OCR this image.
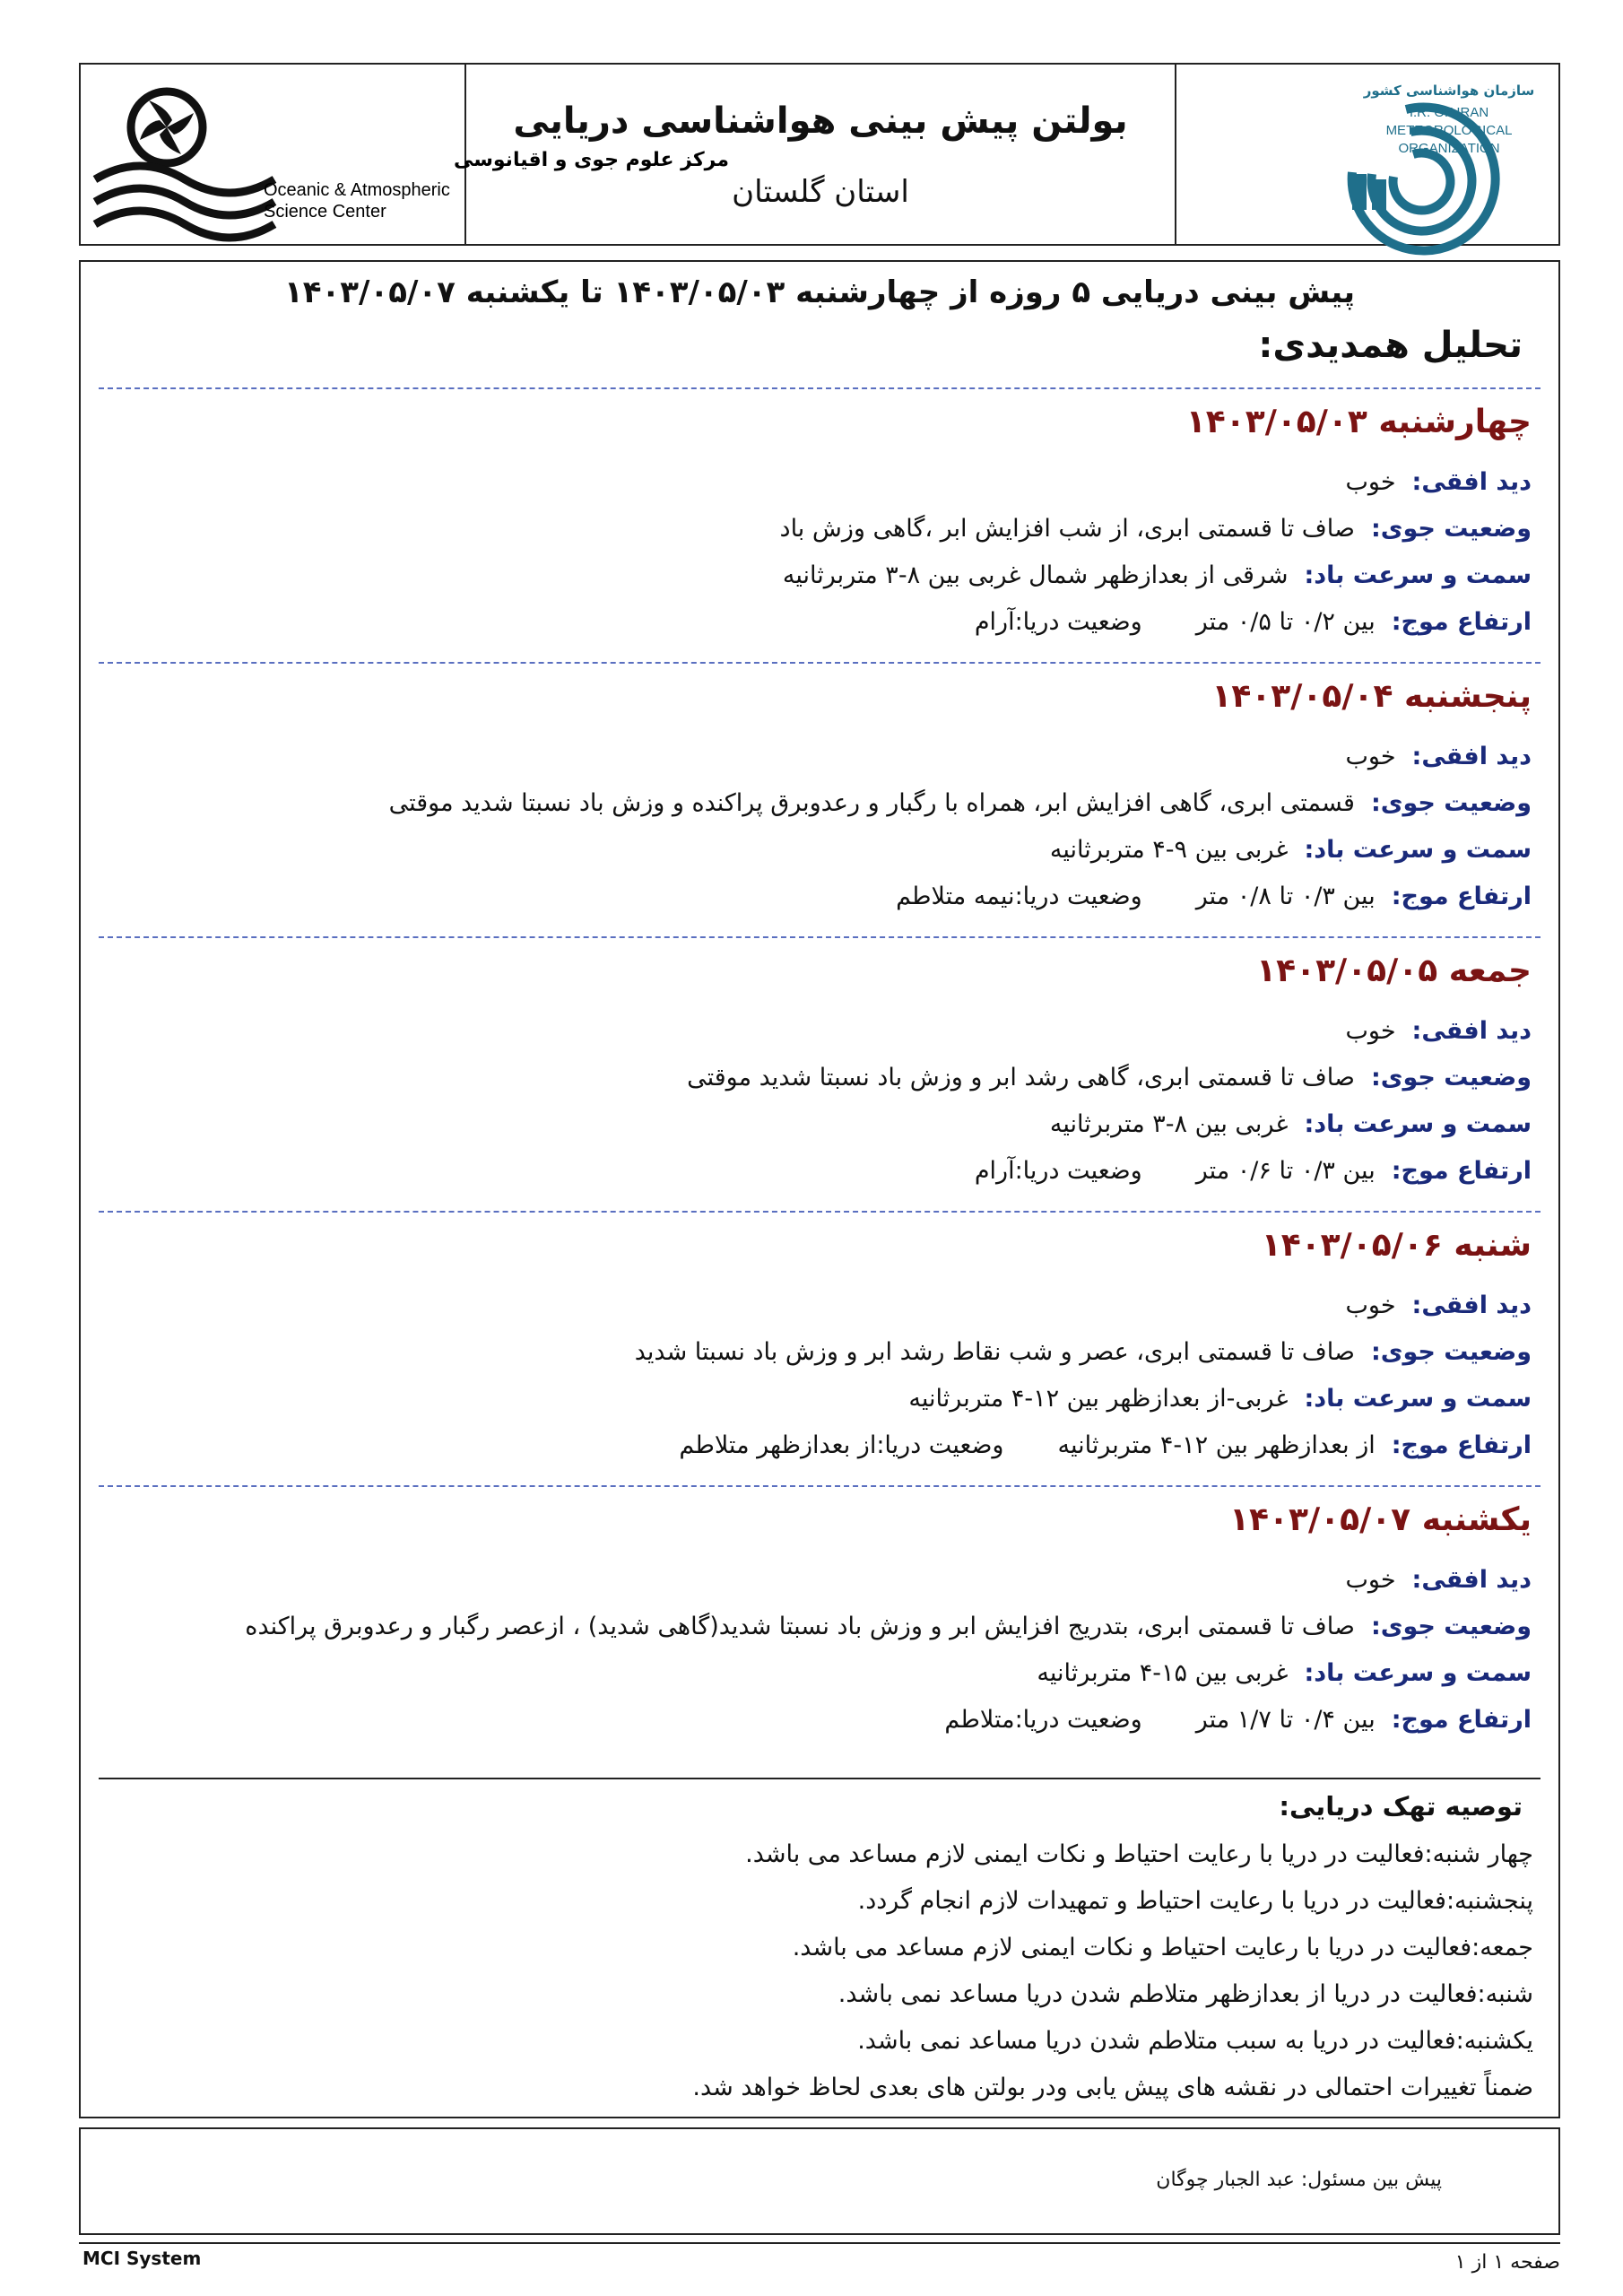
مرکز علوم جوی و اقیانوسی
Oceanic & Atmospheric
Science Center
بولتن پیش بینی هواشناسی دریایی
استان گلستان
سازمان هواشناسی کشور
I.R. OF IRAN
METEOROLOGICAL
ORGANIZATION
پیش بینی دریایی ۵ روزه از چهارشنبه ۱۴۰۳/۰۵/۰۳ تا یکشنبه ۱۴۰۳/۰۵/۰۷
تحلیل همدیدی:
چهارشنبه ۱۴۰۳/۰۵/۰۳
دید افقی:خوب
وضعیت جوی:صاف تا قسمتی ابری، از شب افزایش ابر ،گاهی وزش باد
سمت و سرعت باد:شرقی از بعدازظهر شمال غربی بین ۸-۳ متربرثانیه
ارتفاع موج:بین ۰/۲ تا ۰/۵ متروضعیت دریا:آرام
پنجشنبه ۱۴۰۳/۰۵/۰۴
دید افقی:خوب
وضعیت جوی:قسمتی ابری، گاهی افزایش ابر، همراه با رگبار و رعدوبرق پراکنده و وزش باد نسبتا شدید موقتی
سمت و سرعت باد:غربی بین ۹-۴ متربرثانیه
ارتفاع موج:بین ۰/۳ تا ۰/۸ متروضعیت دریا:نیمه متلاطم
جمعه ۱۴۰۳/۰۵/۰۵
دید افقی:خوب
وضعیت جوی:صاف تا قسمتی ابری، گاهی رشد ابر و وزش باد نسبتا شدید موقتی
سمت و سرعت باد:غربی بین ۸-۳ متربرثانیه
ارتفاع موج:بین ۰/۳ تا ۰/۶ متروضعیت دریا:آرام
شنبه ۱۴۰۳/۰۵/۰۶
دید افقی:خوب
وضعیت جوی:صاف تا قسمتی ابری، عصر و شب نقاط رشد ابر و وزش باد نسبتا شدید
سمت و سرعت باد:غربی-از بعدازظهر بین ۱۲-۴ متربرثانیه
ارتفاع موج:از بعدازظهر بین ۱۲-۴ متربرثانیهوضعیت دریا:از بعدازظهر متلاطم
یکشنبه ۱۴۰۳/۰۵/۰۷
دید افقی:خوب
وضعیت جوی:صاف تا قسمتی ابری، بتدریج افزایش ابر و وزش باد نسبتا شدید(گاهی شدید) ، ازعصر رگبار و رعدوبرق پراکنده
سمت و سرعت باد:غربی بین ۱۵-۴ متربرثانیه
ارتفاع موج:بین ۰/۴ تا ۱/۷ متروضعیت دریا:متلاطم
توصیه تهک دریایی:
چهار شنبه:فعالیت در دریا با رعایت احتیاط و نکات ایمنی لازم مساعد می باشد.
پنجشنبه:فعالیت در دریا با رعایت احتیاط و تمهیدات لازم انجام گردد.
جمعه:فعالیت در دریا با رعایت احتیاط و نکات ایمنی لازم مساعد می باشد.
شنبه:فعالیت در دریا از بعدازظهر متلاطم شدن دریا مساعد نمی باشد.
یکشنبه:فعالیت در دریا به سبب متلاطم شدن دریا مساعد نمی باشد.
ضمناً تغییرات احتمالی در نقشه های پیش یابی ودر بولتن های بعدی لحاظ خواهد شد.
پیش بین مسئول: عبد الجبار چوگان
MCI System	صفحه ۱ از ۱
